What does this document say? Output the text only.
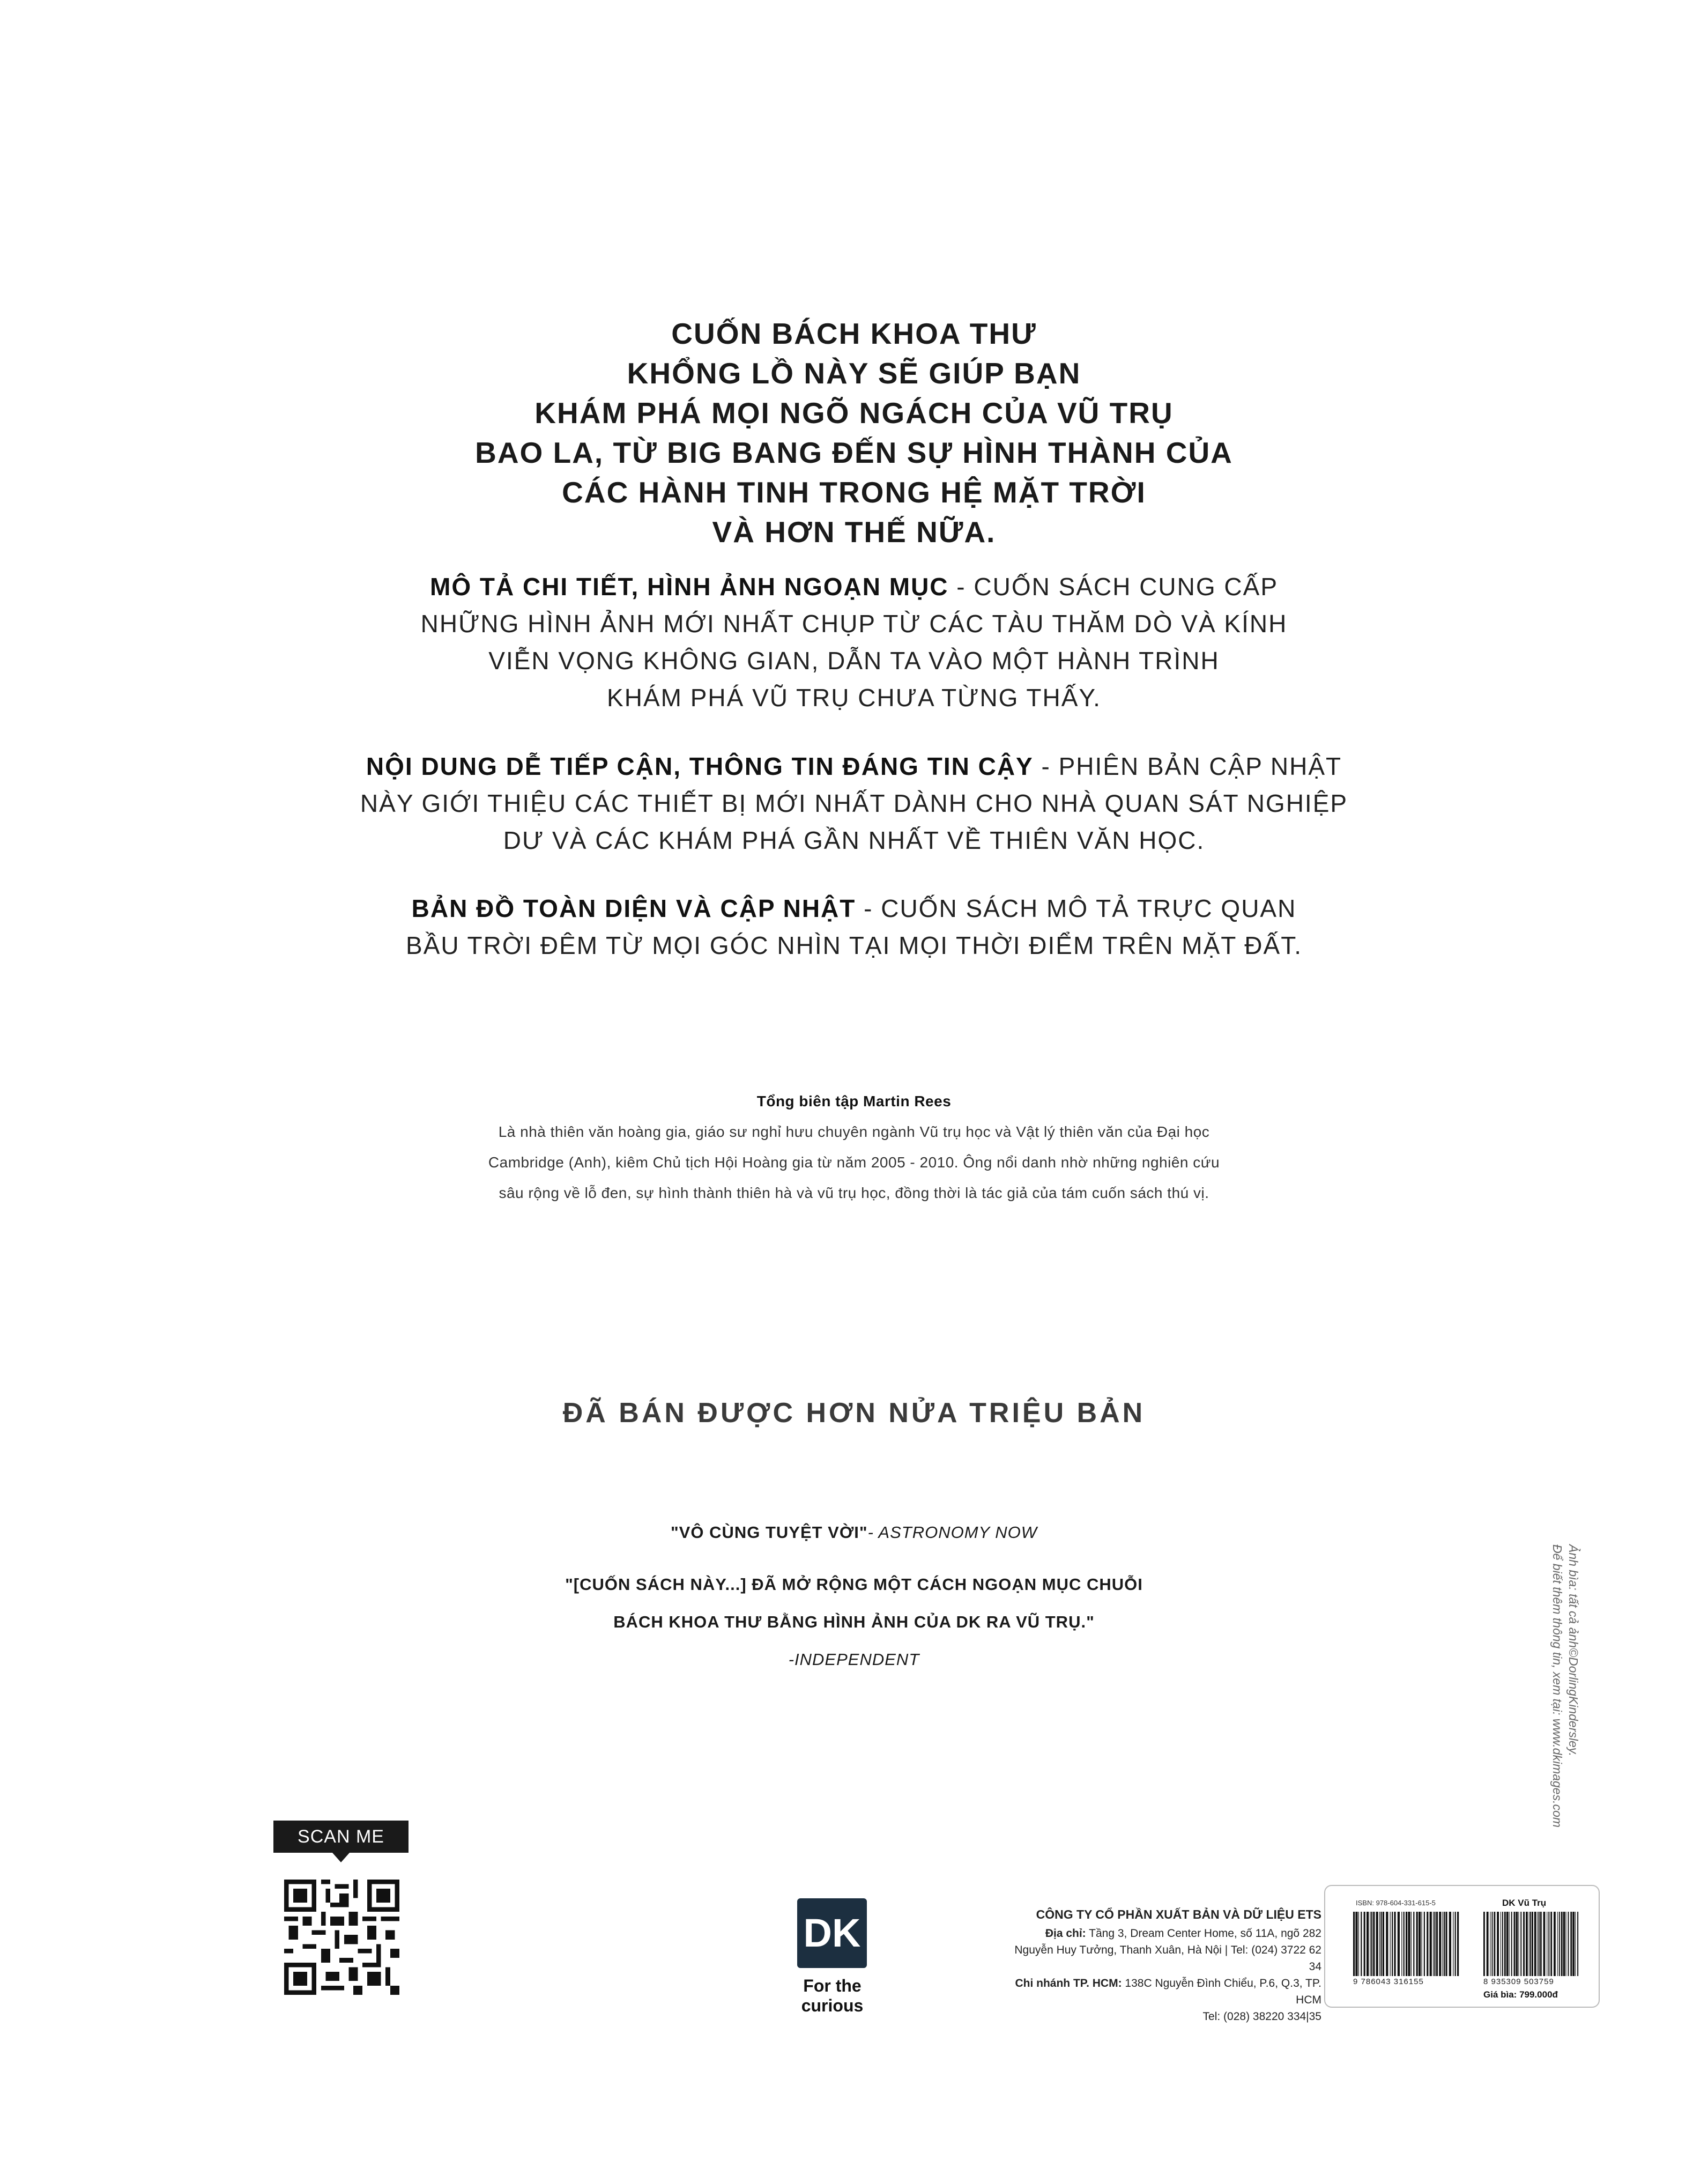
CUỐN BÁCH KHOA THƯ
KHỔNG LỒ NÀY SẼ GIÚP BẠN
KHÁM PHÁ MỌI NGÕ NGÁCH CỦA VŨ TRỤ
BAO LA, TỪ BIG BANG ĐẾN SỰ HÌNH THÀNH CỦA
CÁC HÀNH TINH TRONG HỆ MẶT TRỜI
VÀ HƠN THẾ NỮA.
MÔ TẢ CHI TIẾT, HÌNH ẢNH NGOẠN MỤC - CUỐN SÁCH CUNG CẤP
NHỮNG HÌNH ẢNH MỚI NHẤT CHỤP TỪ CÁC TÀU THĂM DÒ VÀ KÍNH
VIỄN VỌNG KHÔNG GIAN, DẪN TA VÀO MỘT HÀNH TRÌNH
KHÁM PHÁ VŨ TRỤ CHƯA TỪNG THẤY.
NỘI DUNG DỄ TIẾP CẬN, THÔNG TIN ĐÁNG TIN CẬY - PHIÊN BẢN CẬP NHẬT
NÀY GIỚI THIỆU CÁC THIẾT BỊ MỚI NHẤT DÀNH CHO NHÀ QUAN SÁT NGHIỆP
DƯ VÀ CÁC KHÁM PHÁ GẦN NHẤT VỀ THIÊN VĂN HỌC.
BẢN ĐỒ TOÀN DIỆN VÀ CẬP NHẬT - CUỐN SÁCH MÔ TẢ TRỰC QUAN
BẦU TRỜI ĐÊM TỪ MỌI GÓC NHÌN TẠI MỌI THỜI ĐIỂM TRÊN MẶT ĐẤT.
Tổng biên tập Martin Rees
Là nhà thiên văn hoàng gia, giáo sư nghỉ hưu chuyên ngành Vũ trụ học và Vật lý thiên văn của Đại học
Cambridge (Anh), kiêm Chủ tịch Hội Hoàng gia từ năm 2005 - 2010. Ông nổi danh nhờ những nghiên cứu
sâu rộng về lỗ đen, sự hình thành thiên hà và vũ trụ học, đồng thời là tác giả của tám cuốn sách thú vị.
ĐÃ BÁN ĐƯỢC HƠN NỬA TRIỆU BẢN
"VÔ CÙNG TUYỆT VỜI"- ASTRONOMY NOW
"[CUỐN SÁCH NÀY...] ĐÃ MỞ RỘNG MỘT CÁCH NGOẠN MỤC CHUỖI
BÁCH KHOA THƯ BẰNG HÌNH ẢNH CỦA DK RA VŨ TRỤ."
-INDEPENDENT	Ảnh bìa: tất cả ảnh©DorlingKindersley.
Để biết thêm thông tin, xem tại: www.dkimages.com
SCAN ME
DK
For the curious
CÔNG TY CỔ PHẦN XUẤT BẢN VÀ DỮ LIỆU ETS
Địa chỉ: Tầng 3, Dream Center Home, số 11A, ngõ 282
Nguyễn Huy Tưởng, Thanh Xuân, Hà Nội | Tel: (024) 3722 62 34
Chi nhánh TP. HCM: 138C Nguyễn Đình Chiểu, P.6, Q.3, TP. HCM
Tel: (028) 38220 334|35
ISBN: 978-604-331-615-5	DK Vũ Trụ
9 786043 316155	8 935309 503759
Giá bìa: 799.000đ
